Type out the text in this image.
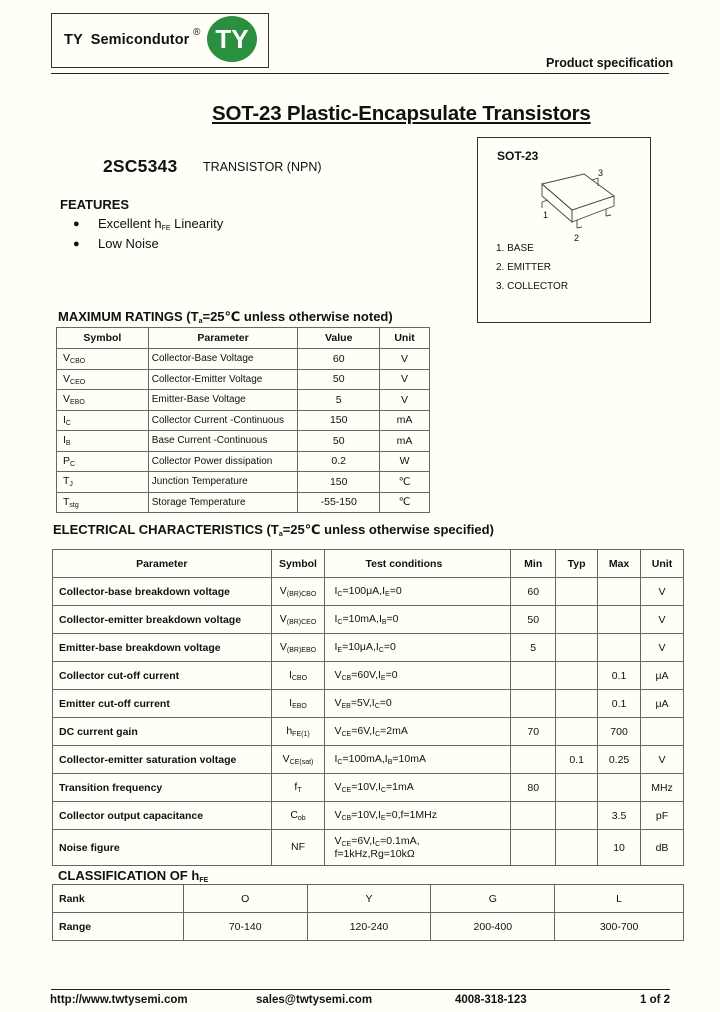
TY  Semicondutor ® TY
Product specification
SOT-23 Plastic-Encapsulate Transistors
2SC5343 TRANSISTOR (NPN)
FEATURES
● Excellent $h_{FE}$ Linearity
● Low Noise
SOT-23
3
1
2
1. BASE
2. EMITTER
3. COLLECTOR
MAXIMUM RATINGS ($T_a=25℃$ unless otherwise noted)
Symbol	Parameter	Value	Unit
$V_{CBO}$	Collector-Base Voltage	60	V
$V_{CEO}$	Collector-Emitter Voltage	50	V
$V_{EBO}$	Emitter-Base Voltage	5	V
$I_C$	Collector Current -Continuous	150	mA
$I_B$	Base Current -Continuous	50	mA
$P_C$	Collector Power dissipation	0.2	W
$T_J$	Junction Temperature	150	℃
$T_{stg}$	Storage Temperature	-55-150	℃
ELECTRICAL CHARACTERISTICS ($T_a=25℃$ unless otherwise specified)
Parameter	Symbol	Test conditions	Min	Typ	Max	Unit
Collector-base breakdown voltage	$V_{(BR)CBO}$	$I_C=100\mu A,I_E=0$	60			V
Collector-emitter breakdown voltage	$V_{(BR)CEO}$	$I_C=10mA,I_B=0$	50			V
Emitter-base breakdown voltage	$V_{(BR)EBO}$	$I_E=10\mu A,I_C=0$	5			V
Collector cut-off current	$I_{CBO}$	$V_{CB}=60V,I_E=0$			0.1	μA
Emitter cut-off current	$I_{EBO}$	$V_{EB}=5V,I_C=0$			0.1	μA
DC current gain	$h_{FE(1)}$	$V_{CE}=6V,I_C=2mA$	70		700	
Collector-emitter saturation voltage	$V_{CE(sat)}$	$I_C=100mA,I_B=10mA$		0.1	0.25	V
Transition frequency	$f_T$	$V_{CE}=10V,I_C=1mA$	80			MHz
Collector output capacitance	$C_{ob}$	$V_{CB}=10V,I_E=0,f=1MHz$			3.5	pF
Noise figure	NF	$V_{CE}=6V,I_C=0.1mA$,
f=1kHz,Rg=10kΩ			10	dB
CLASSIFICATION OF $h_{FE}$
Rank	O	Y	G	L
Range	70-140	120-240	200-400	300-700
http://www.twtysemi.com	sales@twtysemi.com	4008-318-123	1 of 2
